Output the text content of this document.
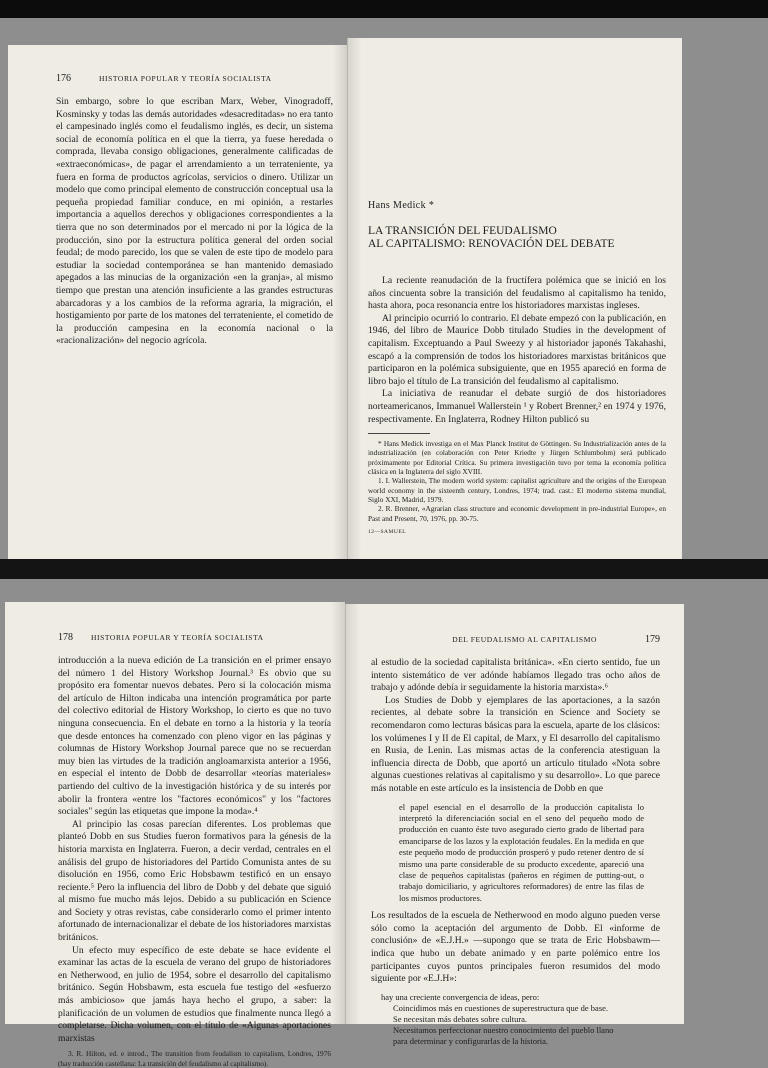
176	HISTORIA POPULAR Y TEORÍA SOCIALISTA

Sin embargo, sobre lo que escriban Marx, Weber, Vinogradoff, Kosminsky y todas las demás autoridades «desacreditadas» no era tanto el campesinado inglés como el feudalismo inglés, es decir, un sistema social de economía política en el que la tierra, ya fuese heredada o comprada, llevaba consigo obligaciones, generalmente calificadas de «extraeconómicas», de pagar el arrendamiento a un terrateniente, ya fuera en forma de productos agrícolas, servicios o dinero. Utilizar un modelo que como principal elemento de construcción conceptual usa la pequeña propiedad familiar conduce, en mi opinión, a restarles importancia a aquellos derechos y obligaciones correspondientes a la tierra que no son determinados por el mercado ni por la lógica de la producción, sino por la estructura política general del orden social feudal; de modo parecido, los que se valen de este tipo de modelo para estudiar la sociedad contemporánea se han mantenido demasiado apegados a las minucias de la organización «en la granja», al mismo tiempo que prestan una atención insuficiente a las grandes estructuras abarcadoras y a los cambios de la reforma agraria, la migración, el hostigamiento por parte de los matones del terrateniente, el cometido de la producción campesina en la economía nacional o la «racionalización» del negocio agrícola.

Hans Medick *
LA TRANSICIÓN DEL FEUDALISMO
AL CAPITALISMO: RENOVACIÓN DEL DEBATE

La reciente reanudación de la fructífera polémica que se inició en los años cincuenta sobre la transición del feudalismo al capitalismo ha tenido, hasta ahora, poca resonancia entre los historiadores marxistas ingleses.

Al principio ocurrió lo contrario. El debate empezó con la publicación, en 1946, del libro de Maurice Dobb titulado Studies in the development of capitalism. Exceptuando a Paul Sweezy y al historiador japonés Takahashi, escapó a la comprensión de todos los historiadores marxistas británicos que participaron en la polémica subsiguiente, que en 1955 apareció en forma de libro bajo el título de La transición del feudalismo al capitalismo.

La iniciativa de reanudar el debate surgió de dos historiadores norteamericanos, Immanuel Wallerstein ¹ y Robert Brenner,² en 1974 y 1976, respectivamente. En Inglaterra, Rodney Hilton publicó su

* Hans Medick investiga en el Max Planck Institut de Göttingen. Su Industrialización antes de la industrialización (en colaboración con Peter Kriedte y Jürgen Schlumbohm) será publicado próximamente por Editorial Crítica. Su primera investigación tuvo por tema la economía política clásica en la Inglaterra del siglo XVIII.

1. I. Wallerstein, The modern world system: capitalist agriculture and the origins of the European world economy in the sixteenth century, Londres, 1974; trad. cast.: El moderno sistema mundial, Siglo XXI, Madrid, 1979.

2. R. Brenner, «Agrarian class structure and economic development in pre-industrial Europe», en Past and Present, 70, 1976, pp. 30-75.

12—SAMUEL
178 HISTORIA POPULAR Y TEORÍA SOCIALISTA

introducción a la nueva edición de La transición en el primer ensayo del número 1 del History Workshop Journal.³ Es obvio que su propósito era fomentar nuevos debates. Pero si la colocación misma del artículo de Hilton indicaba una intención programática por parte del colectivo editorial de History Workshop, lo cierto es que no tuvo ninguna consecuencia. En el debate en torno a la historia y la teoría que desde entonces ha comenzado con pleno vigor en las páginas y columnas de History Workshop Journal parece que no se recuerdan muy bien las virtudes de la tradición angloamarxista anterior a 1956, en especial el intento de Dobb de desarrollar «teorías materiales» partiendo del cultivo de la investigación histórica y de su interés por abolir la frontera «entre los "factores económicos" y los "factores sociales" según las etiquetas que impone la moda».⁴

Al principio las cosas parecían diferentes. Los problemas que planteó Dobb en sus Studies fueron formativos para la génesis de la historia marxista en Inglaterra. Fueron, a decir verdad, centrales en el análisis del grupo de historiadores del Partido Comunista antes de su disolución en 1956, como Eric Hobsbawm testificó en un ensayo reciente.⁵ Pero la influencia del libro de Dobb y del debate que siguió al mismo fue mucho más lejos. Debido a su publicación en Science and Society y otras revistas, cabe considerarlo como el primer intento afortunado de internacionalizar el debate de los historiadores marxistas británicos.

Un efecto muy específico de este debate se hace evidente el examinar las actas de la escuela de verano del grupo de historiadores en Netherwood, en julio de 1954, sobre el desarrollo del capitalismo británico. Según Hobsbawm, esta escuela fue testigo del «esfuerzo más ambicioso» que jamás haya hecho el grupo, a saber: la planificación de un volumen de estudios que finalmente nunca llegó a completarse. Dicha volumen, con el título de «Algunas aportaciones marxistas

3. R. Hilton, ed. e introd., The transition from feudalism to capitalism, Londres, 1976 (hay traducción castellana: La transición del feudalismo al capitalismo).

DEL FEUDALISMO AL CAPITALISMO	179

al estudio de la sociedad capitalista británica». «En cierto sentido, fue un intento sistemático de ver adónde habíamos llegado tras ocho años de trabajo y adónde debía ir seguidamente la historia marxista».⁶

Los Studies de Dobb y ejemplares de las aportaciones, a la sazón recientes, al debate sobre la transición en Science and Society se recomendaron como lecturas básicas para la escuela, aparte de los clásicos: los volúmenes I y II de El capital, de Marx, y El desarrollo del capitalismo en Rusia, de Lenin. Las mismas actas de la conferencia atestiguan la influencia directa de Dobb, que aportó un artículo titulado «Nota sobre algunas cuestiones relativas al capitalismo y su desarrollo». Lo que parece más notable en este artículo es la insistencia de Dobb en que

el papel esencial en el desarrollo de la producción capitalista lo interpretó la diferenciación social en el seno del pequeño modo de producción en cuanto éste tuvo asegurado cierto grado de libertad para emanciparse de los lazos y la explotación feudales. En la medida en que este pequeño modo de producción prosperó y pudo retener dentro de sí mismo una parte considerable de su producto excedente, apareció una clase de pequeños capitalistas (pañeros en régimen de putting-out, o trabajo domiciliario, y agricultores reformadores) de entre las filas de los mismos productores.

Los resultados de la escuela de Netherwood en modo alguno pueden verse sólo como la aceptación del argumento de Dobb. El «informe de conclusión» de «E.J.H.» —supongo que se trata de Eric Hobsbawm— indica que hubo un debate animado y en parte polémico entre los participantes cuyos puntos principales fueron resumidos del modo siguiente por «E.J.H»:

hay una creciente convergencia de ideas, pero:

Coincidimos más en cuestiones de superestructura que de base.

Se necesitan más debates sobre cultura.

Necesitamos perfeccionar nuestro conocimiento del pueblo llano

para determinar y configurarlas de la historia.
